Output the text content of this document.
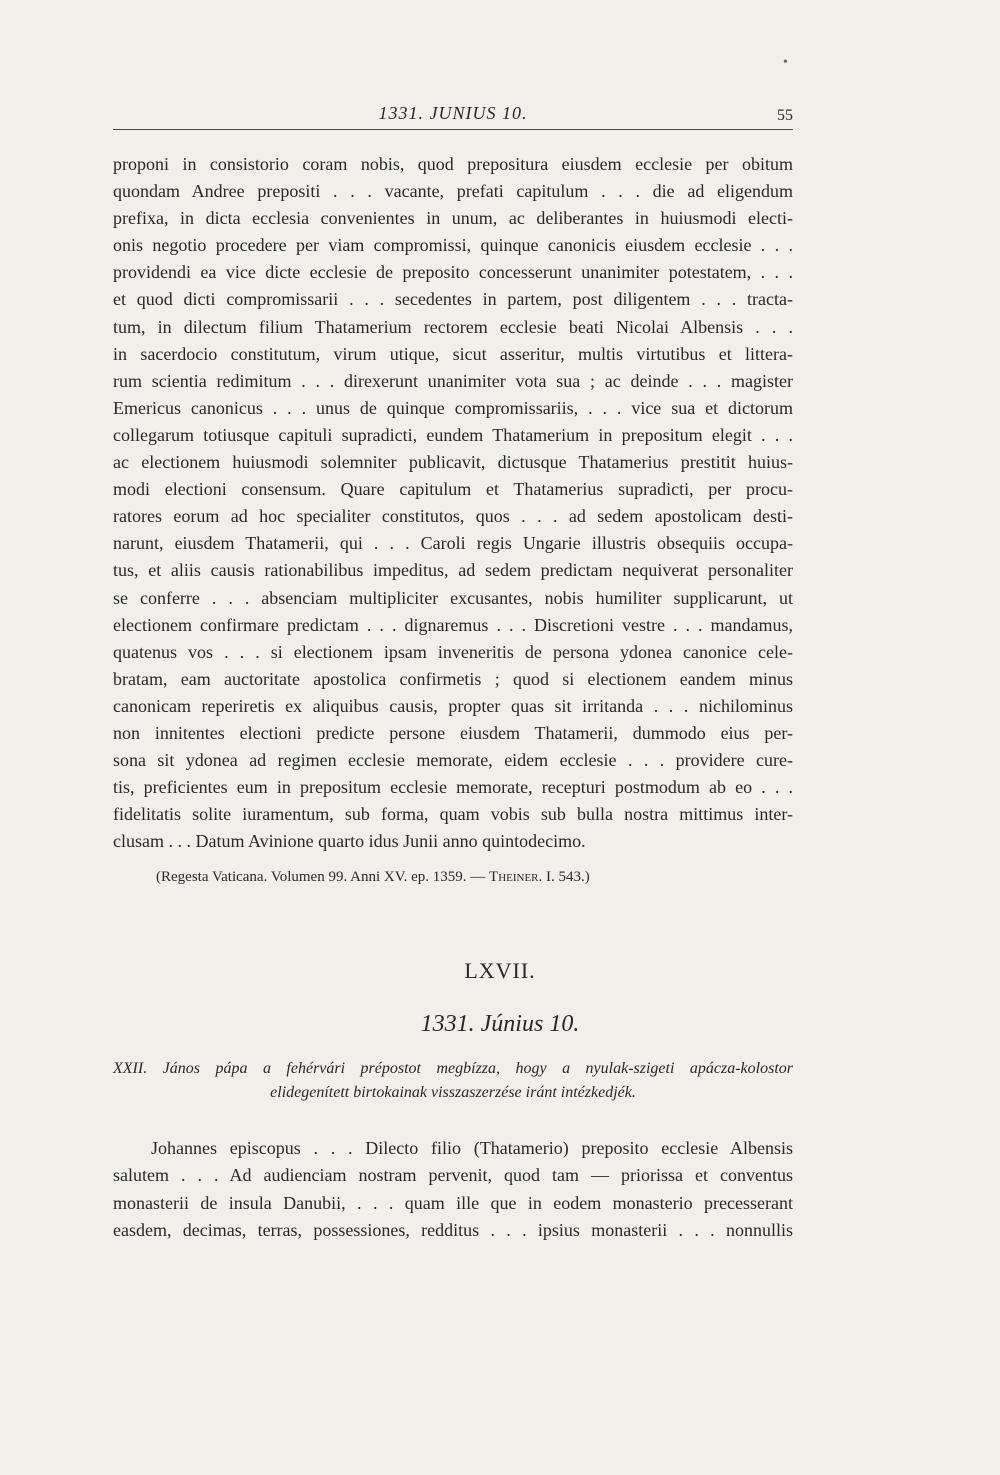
•
1331. JUNIUS 10.	55
proponi in consistorio coram nobis, quod prepositura eiusdem ecclesie per obitum
quondam Andree prepositi . . . vacante, prefati capitulum . . . die ad eligendum
prefixa, in dicta ecclesia convenientes in unum, ac deliberantes in huiusmodi electi-
onis negotio procedere per viam compromissi, quinque canonicis eiusdem ecclesie . . .
providendi ea vice dicte ecclesie de preposito concesserunt unanimiter potestatem, . . .
et quod dicti compromissarii . . . secedentes in partem, post diligentem . . . tracta-
tum, in dilectum filium Thatamerium rectorem ecclesie beati Nicolai Albensis . . .
in sacerdocio constitutum, virum utique, sicut asseritur, multis virtutibus et littera-
rum scientia redimitum . . . direxerunt unanimiter vota sua ; ac deinde . . . magister
Emericus canonicus . . . unus de quinque compromissariis, . . . vice sua et dictorum
collegarum totiusque capituli supradicti, eundem Thatamerium in prepositum elegit . . .
ac electionem huiusmodi solemniter publicavit, dictusque Thatamerius prestitit huius-
modi electioni consensum. Quare capitulum et Thatamerius supradicti, per procu-
ratores eorum ad hoc specialiter constitutos, quos . . . ad sedem apostolicam desti-
narunt, eiusdem Thatamerii, qui . . . Caroli regis Ungarie illustris obsequiis occupa-
tus, et aliis causis rationabilibus impeditus, ad sedem predictam nequiverat personaliter
se conferre . . . absenciam multipliciter excusantes, nobis humiliter supplicarunt, ut
electionem confirmare predictam . . . dignaremus . . . Discretioni vestre . . . mandamus,
quatenus vos . . . si electionem ipsam inveneritis de persona ydonea canonice cele-
bratam, eam auctoritate apostolica confirmetis ; quod si electionem eandem minus
canonicam reperiretis ex aliquibus causis, propter quas sit irritanda . . . nichilominus
non innitentes electioni predicte persone eiusdem Thatamerii, dummodo eius per-
sona sit ydonea ad regimen ecclesie memorate, eidem ecclesie . . . providere cure-
tis, preficientes eum in prepositum ecclesie memorate, recepturi postmodum ab eo . . .
fidelitatis solite iuramentum, sub forma, quam vobis sub bulla nostra mittimus inter-
clusam . . . Datum Avinione quarto idus Junii anno quintodecimo.
(Regesta Vaticana. Volumen 99. Anni XV. ep. 1359. — Theiner. I. 543.)
LXVII.
1331. Június 10.
XXII. János pápa a fehérvári prépostot megbízza, hogy a nyulak-szigeti apácza-kolostor
elidegenített birtokainak visszaszerzése iránt intézkedjék.
Johannes episcopus . . . Dilecto filio (Thatamerio) preposito ecclesie Albensis
salutem . . . Ad audienciam nostram pervenit, quod tam — priorissa et conventus
monasterii de insula Danubii, . . . quam ille que in eodem monasterio precesserant
easdem, decimas, terras, possessiones, redditus . . . ipsius monasterii . . . nonnullis
